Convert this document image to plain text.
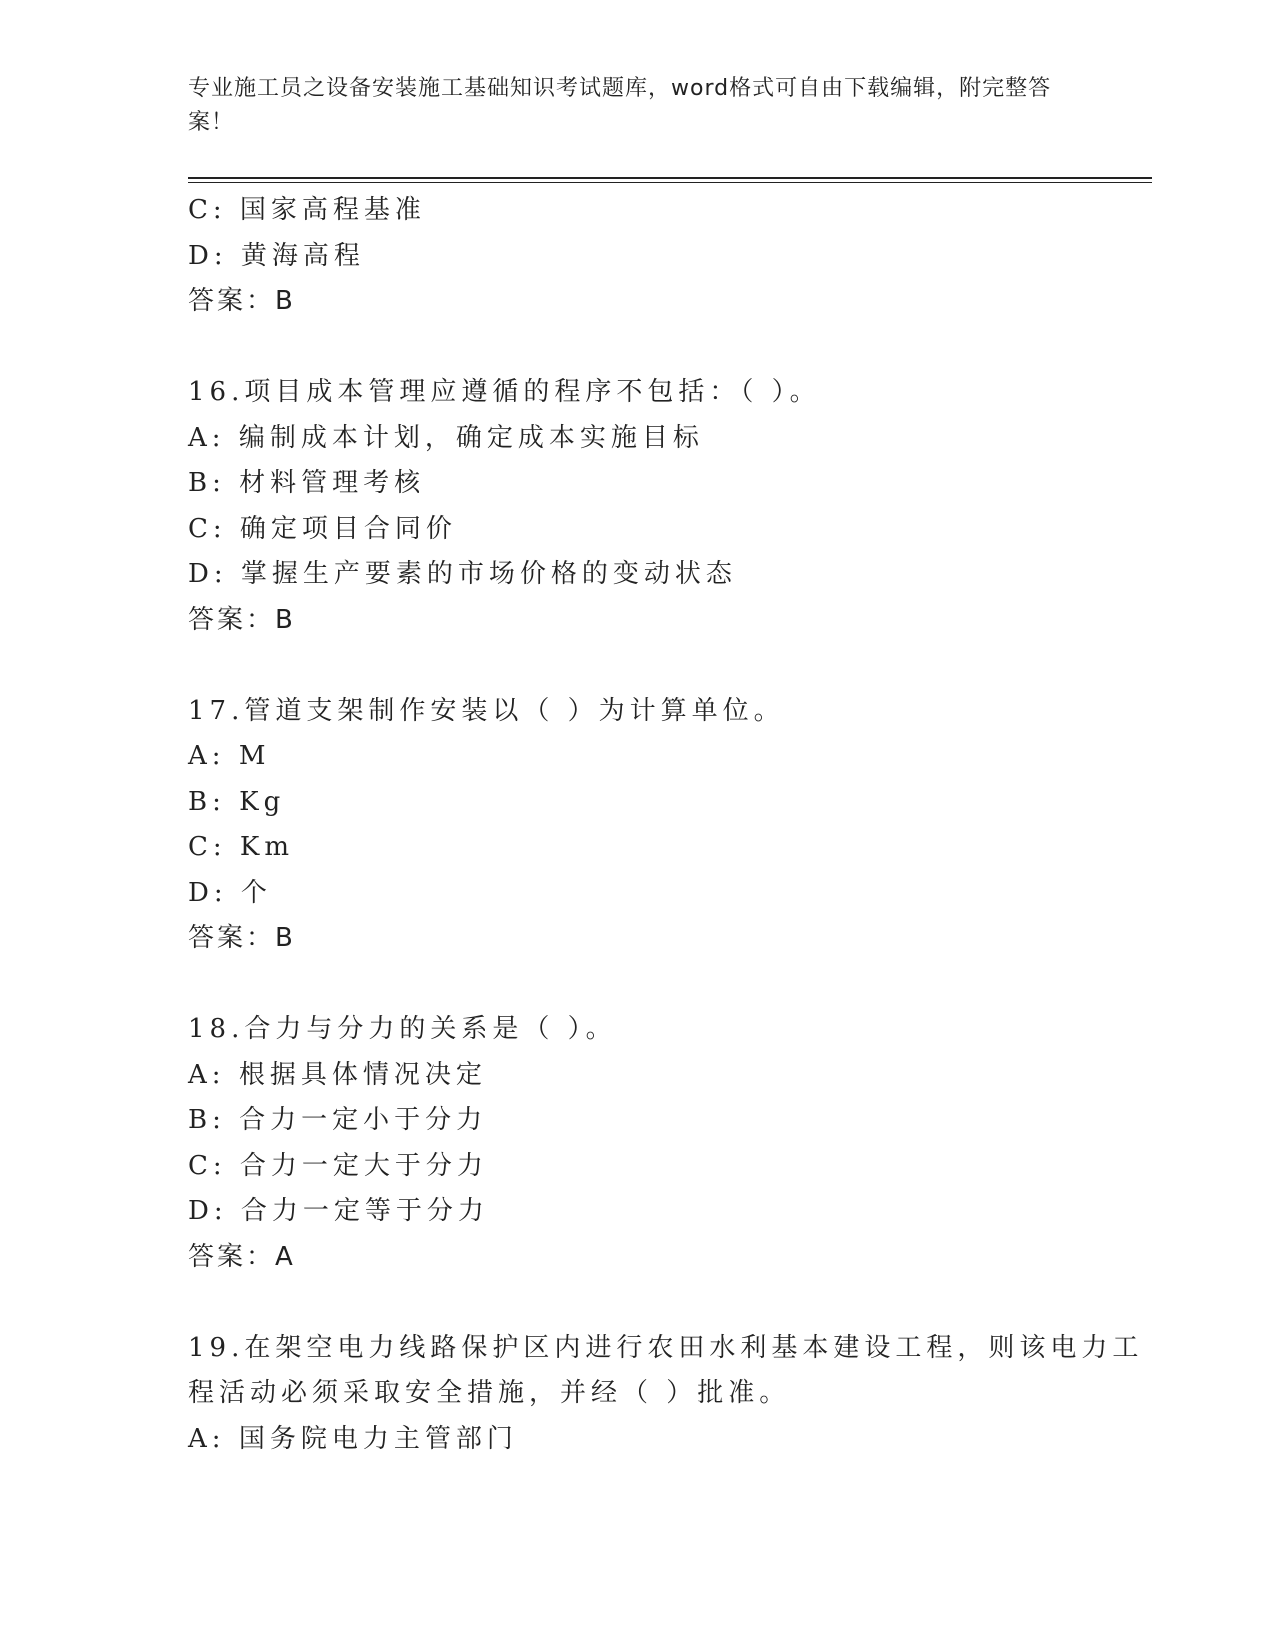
专业施工员之设备安装施工基础知识考试题库，word格式可自由下载编辑，附完整答案！
C: 国家高程基准
D: 黄海高程
答案：B
16.项目成本管理应遵循的程序不包括：（ ）。
A: 编制成本计划，确定成本实施目标
B: 材料管理考核
C: 确定项目合同价
D: 掌握生产要素的市场价格的变动状态
答案：B
17.管道支架制作安装以（ ）为计算单位。
A: M
B: Kg
C: Km
D: 个
答案：B
18.合力与分力的关系是（ ）。
A: 根据具体情况决定
B: 合力一定小于分力
C: 合力一定大于分力
D: 合力一定等于分力
答案：A
19.在架空电力线路保护区内进行农田水利基本建设工程，则该电力工
程活动必须采取安全措施，并经（ ）批准。
A: 国务院电力主管部门
